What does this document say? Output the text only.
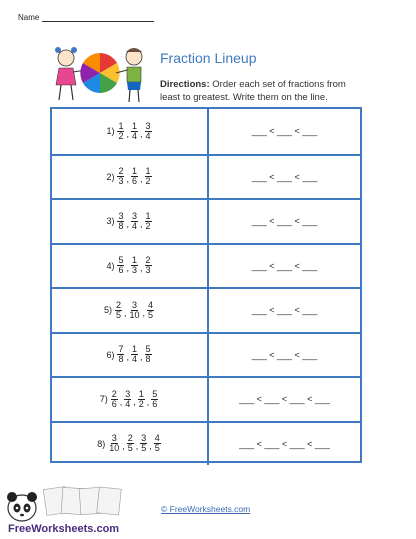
Name
Fraction Lineup
Directions: Order each set of fractions from least to greatest. Write them on the line.
$1) \frac{1}{2}$ , $\frac{1}{4}$ , $\frac{3}{4}$	___ < ___ < ___
$2) \frac{2}{3}$ , $\frac{1}{6}$ , $\frac{1}{2}$	___ < ___ < ___
$3) \frac{3}{8}$ , $\frac{3}{4}$ , $\frac{1}{2}$	___ < ___ < ___
$4) \frac{5}{6}$ , $\frac{1}{3}$ , $\frac{2}{3}$	___ < ___ < ___
$5) \frac{2}{5}$ , $\frac{3}{10}$ , $\frac{4}{5}$	___ < ___ < ___
$6) \frac{7}{8}$ , $\frac{1}{4}$ , $\frac{5}{8}$	___ < ___ < ___
$7) \frac{2}{6}$ , $\frac{3}{4}$ , $\frac{1}{2}$ , $\frac{5}{6}$	___ < ___ < ___ < ___
$8) \frac{3}{10}$ , $\frac{2}{5}$ , $\frac{3}{5}$ , $\frac{4}{5}$	___ < ___ < ___ < ___
© FreeWorksheets.com
FreeWorksheets.com
